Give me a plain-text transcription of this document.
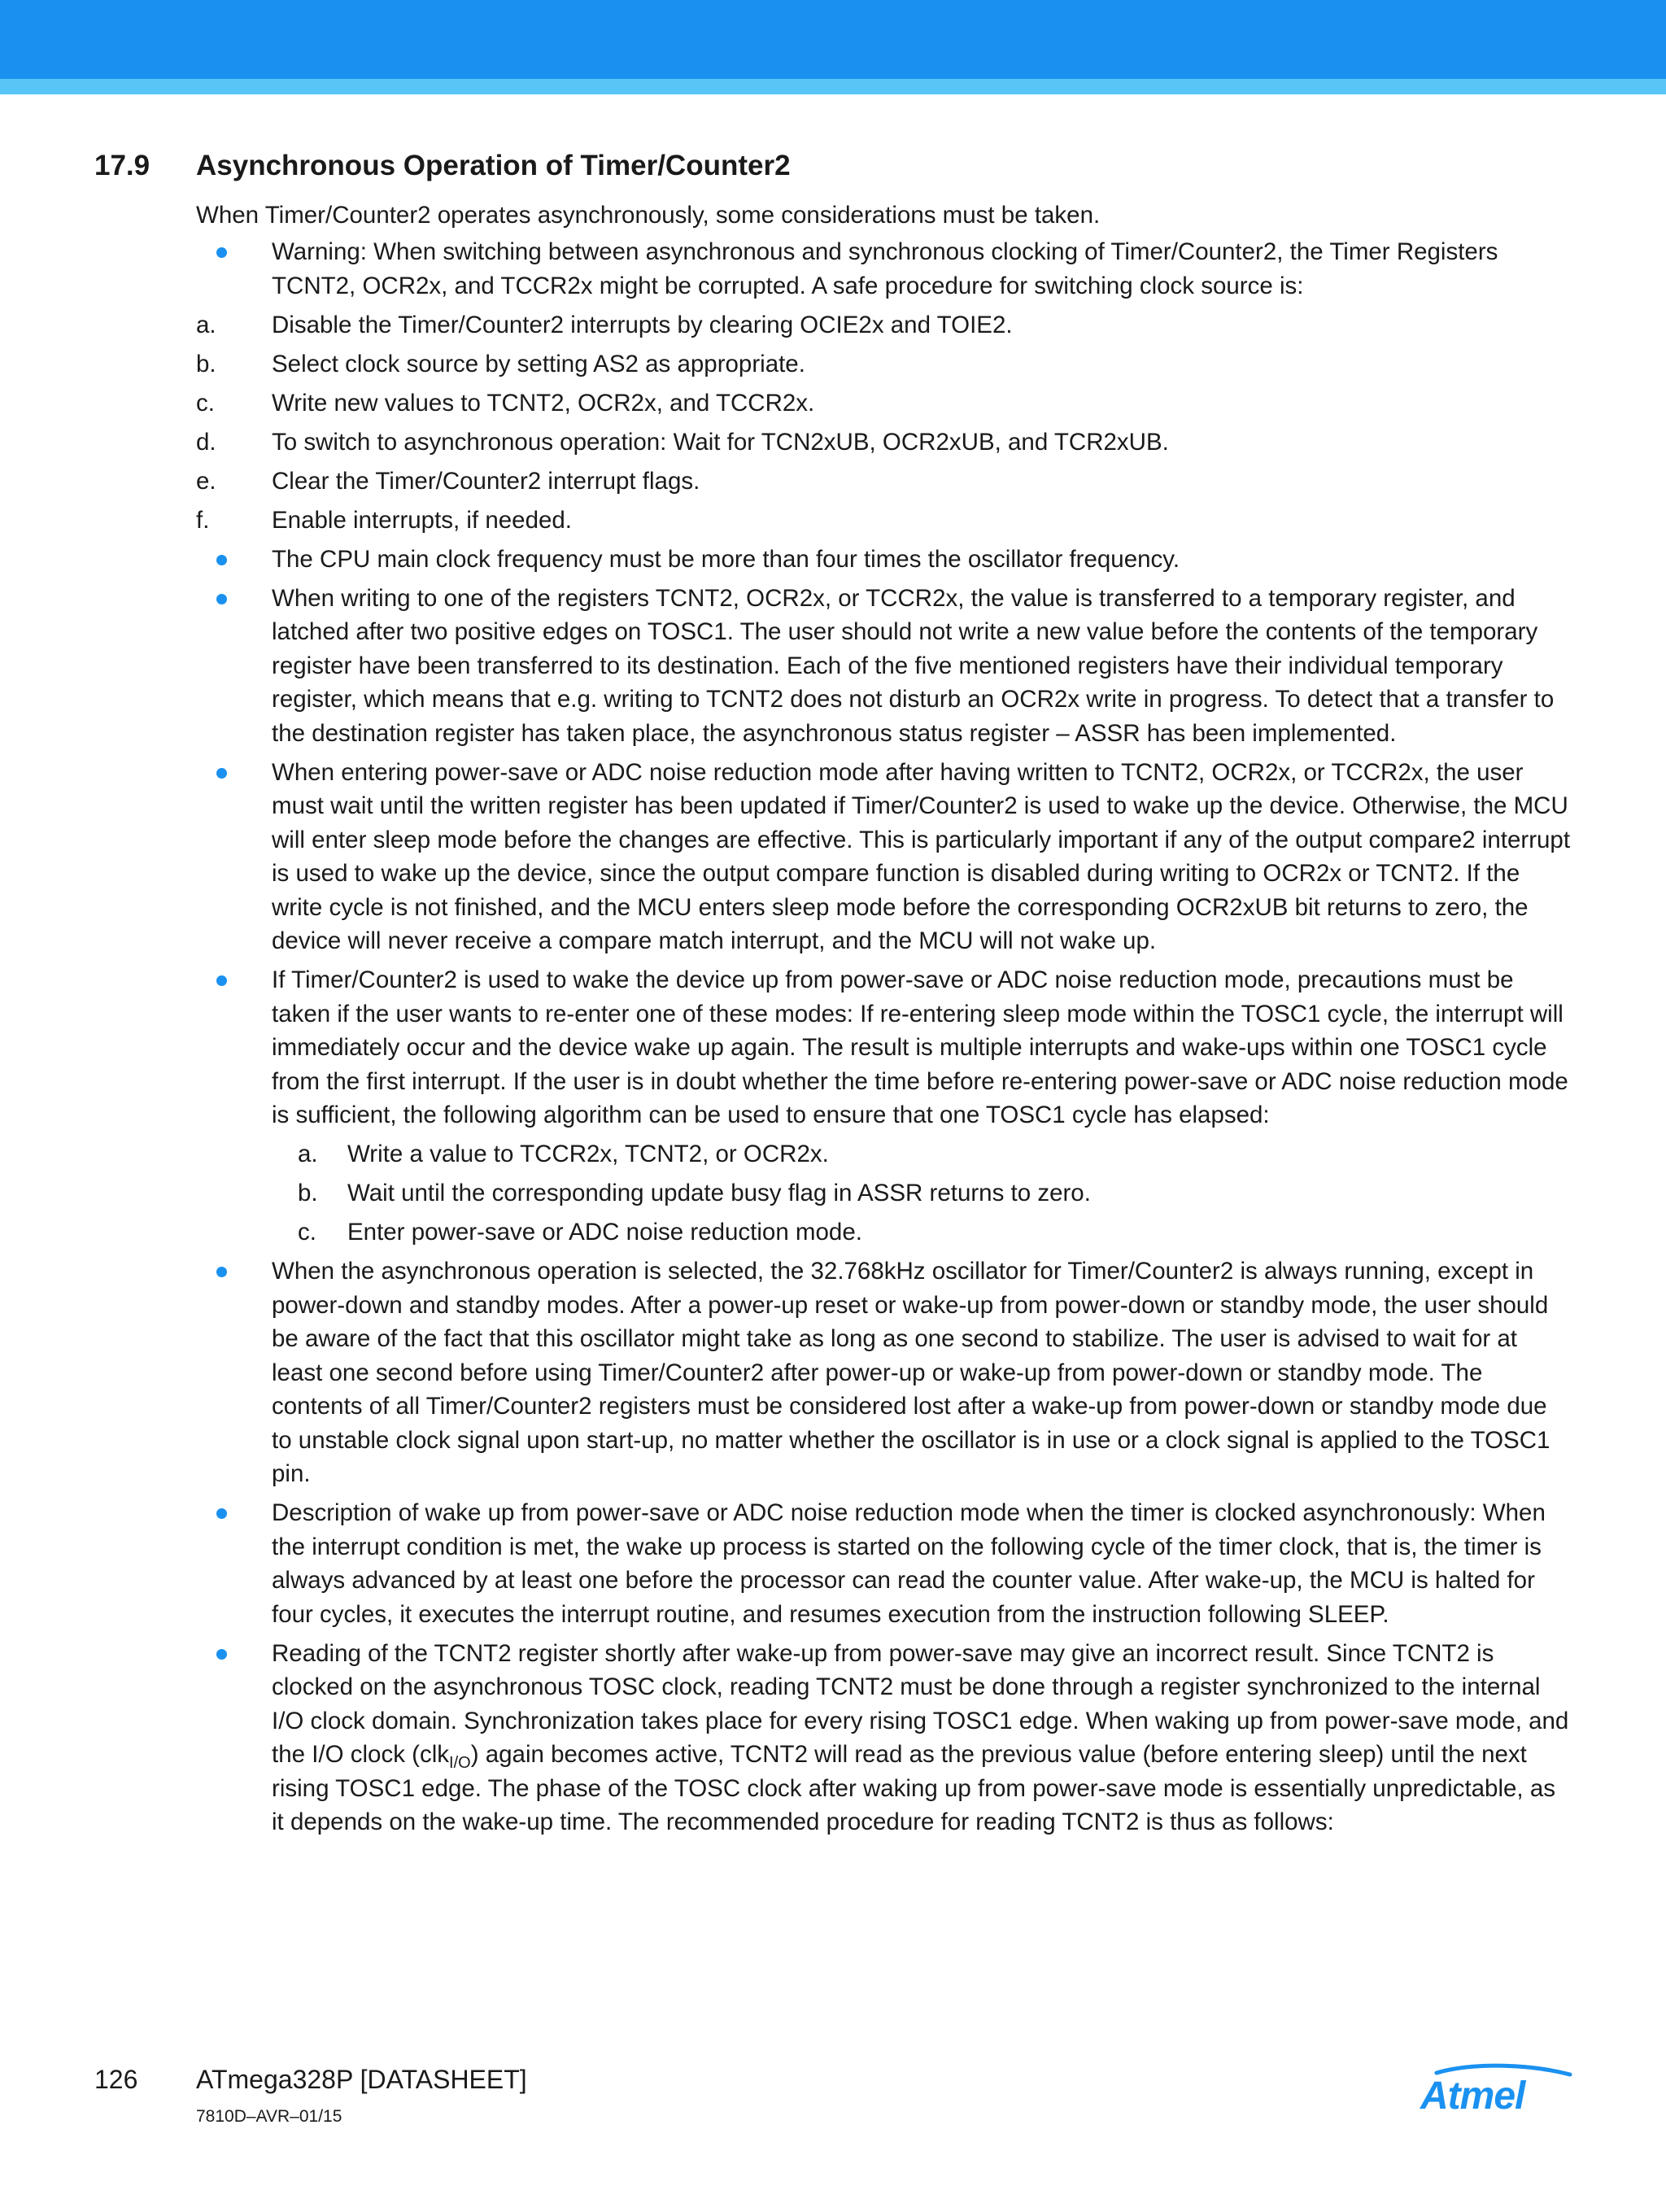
17.9 Asynchronous Operation of Timer/Counter2

When Timer/Counter2 operates asynchronously, some considerations must be taken.

Warning: When switching between asynchronous and synchronous clocking of Timer/Counter2, the Timer Registers TCNT2, OCR2x, and TCCR2x might be corrupted. A safe procedure for switching clock source is:
a. Disable the Timer/Counter2 interrupts by clearing OCIE2x and TOIE2.
b. Select clock source by setting AS2 as appropriate.
c. Write new values to TCNT2, OCR2x, and TCCR2x.
d. To switch to asynchronous operation: Wait for TCN2xUB, OCR2xUB, and TCR2xUB.
e. Clear the Timer/Counter2 interrupt flags.
f.	Enable interrupts, if needed.
The CPU main clock frequency must be more than four times the oscillator frequency.
When writing to one of the registers TCNT2, OCR2x, or TCCR2x, the value is transferred to a temporary register, and latched after two positive edges on TOSC1. The user should not write a new value before the contents of the temporary register have been transferred to its destination. Each of the five mentioned registers have their individual temporary register, which means that e.g. writing to TCNT2 does not disturb an OCR2x write in progress. To detect that a transfer to the destination register has taken place, the asynchronous status register – ASSR has been implemented.
When entering power-save or ADC noise reduction mode after having written to TCNT2, OCR2x, or TCCR2x, the user must wait until the written register has been updated if Timer/Counter2 is used to wake up the device. Otherwise, the MCU will enter sleep mode before the changes are effective. This is particularly important if any of the output compare2 interrupt is used to wake up the device, since the output compare function is disabled during writing to OCR2x or TCNT2. If the write cycle is not finished, and the MCU enters sleep mode before the corresponding OCR2xUB bit returns to zero, the device will never receive a compare match interrupt, and the MCU will not wake up.
If Timer/Counter2 is used to wake the device up from power-save or ADC noise reduction mode, precautions must be taken if the user wants to re-enter one of these modes: If re-entering sleep mode within the TOSC1 cycle, the interrupt will immediately occur and the device wake up again. The result is multiple interrupts and wake-ups within one TOSC1 cycle from the first interrupt. If the user is in doubt whether the time before re-entering power-save or ADC noise reduction mode is sufficient, the following algorithm can be used to ensure that one TOSC1 cycle has elapsed:
a. Write a value to TCCR2x, TCNT2, or OCR2x.
b. Wait until the corresponding update busy flag in ASSR returns to zero.
c. Enter power-save or ADC noise reduction mode.
When the asynchronous operation is selected, the 32.768kHz oscillator for Timer/Counter2 is always running, except in power-down and standby modes. After a power-up reset or wake-up from power-down or standby mode, the user should be aware of the fact that this oscillator might take as long as one second to stabilize. The user is advised to wait for at least one second before using Timer/Counter2 after power-up or wake-up from power-down or standby mode. The contents of all Timer/Counter2 registers must be considered lost after a wake-up from power-down or standby mode due to unstable clock signal upon start-up, no matter whether the oscillator is in use or a clock signal is applied to the TOSC1 pin.
Description of wake up from power-save or ADC noise reduction mode when the timer is clocked asynchronously: When the interrupt condition is met, the wake up process is started on the following cycle of the timer clock, that is, the timer is always advanced by at least one before the processor can read the counter value. After wake-up, the MCU is halted for four cycles, it executes the interrupt routine, and resumes execution from the instruction following SLEEP.
Reading of the TCNT2 register shortly after wake-up from power-save may give an incorrect result. Since TCNT2 is clocked on the asynchronous TOSC clock, reading TCNT2 must be done through a register synchronized to the internal I/O clock domain. Synchronization takes place for every rising TOSC1 edge. When waking up from power-save mode, and the I/O clock (clk$_{I/O}$) again becomes active, TCNT2 will read as the previous value (before entering sleep) until the next rising TOSC1 edge. The phase of the TOSC clock after waking up from power-save mode is essentially unpredictable, as it depends on the wake-up time. The recommended procedure for reading TCNT2 is thus as follows:
126 ATmega328P [DATASHEET]
7810D–AVR–01/15	Atmel
